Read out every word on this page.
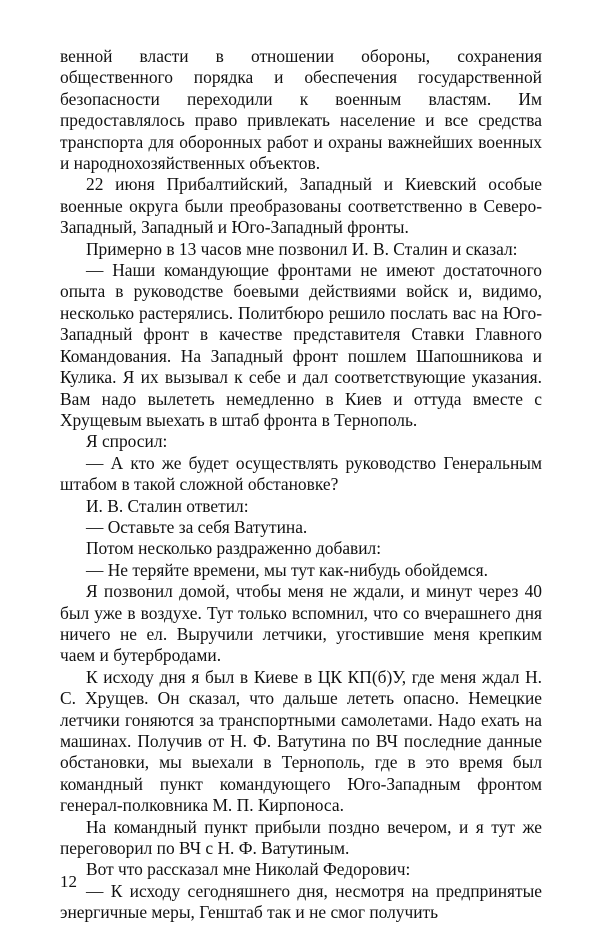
венной власти в отношении обороны, сохранения общественного порядка и обеспечения государственной безопасности переходили к военным властям. Им предоставлялось право привлекать население и все средства транспорта для оборонных работ и охраны важнейших военных и народнохозяйственных объектов.

22 июня Прибалтийский, Западный и Киевский особые военные округа были преобразованы соответственно в Северо-Западный, Западный и Юго-Западный фронты.

Примерно в 13 часов мне позвонил И. В. Сталин и сказал:

— Наши командующие фронтами не имеют достаточного опыта в руководстве боевыми действиями войск и, видимо, несколько растерялись. Политбюро решило послать вас на Юго-Западный фронт в качестве представителя Ставки Главного Командования. На Западный фронт пошлем Шапошникова и Кулика. Я их вызывал к себе и дал соответствующие указания. Вам надо вылететь немедленно в Киев и оттуда вместе с Хрущевым выехать в штаб фронта в Тернополь.

Я спросил:

— А кто же будет осуществлять руководство Генеральным штабом в такой сложной обстановке?

И. В. Сталин ответил:

— Оставьте за себя Ватутина.

Потом несколько раздраженно добавил:

— Не теряйте времени, мы тут как-нибудь обойдемся.

Я позвонил домой, чтобы меня не ждали, и минут через 40 был уже в воздухе. Тут только вспомнил, что со вчерашнего дня ничего не ел. Выручили летчики, угостившие меня крепким чаем и бутербродами.

К исходу дня я был в Киеве в ЦК КП(б)У, где меня ждал Н. С. Хрущев. Он сказал, что дальше лететь опасно. Немецкие летчики гоняются за транспортными самолетами. Надо ехать на машинах. Получив от Н. Ф. Ватутина по ВЧ последние данные обстановки, мы выехали в Тернополь, где в это время был командный пункт командующего Юго-Западным фронтом генерал-полковника М. П. Кирпоноса.

На командный пункт прибыли поздно вечером, и я тут же переговорил по ВЧ с Н. Ф. Ватутиным.

Вот что рассказал мне Николай Федорович:

— К исходу сегодняшнего дня, несмотря на предпринятые энергичные меры, Генштаб так и не смог получить

12
